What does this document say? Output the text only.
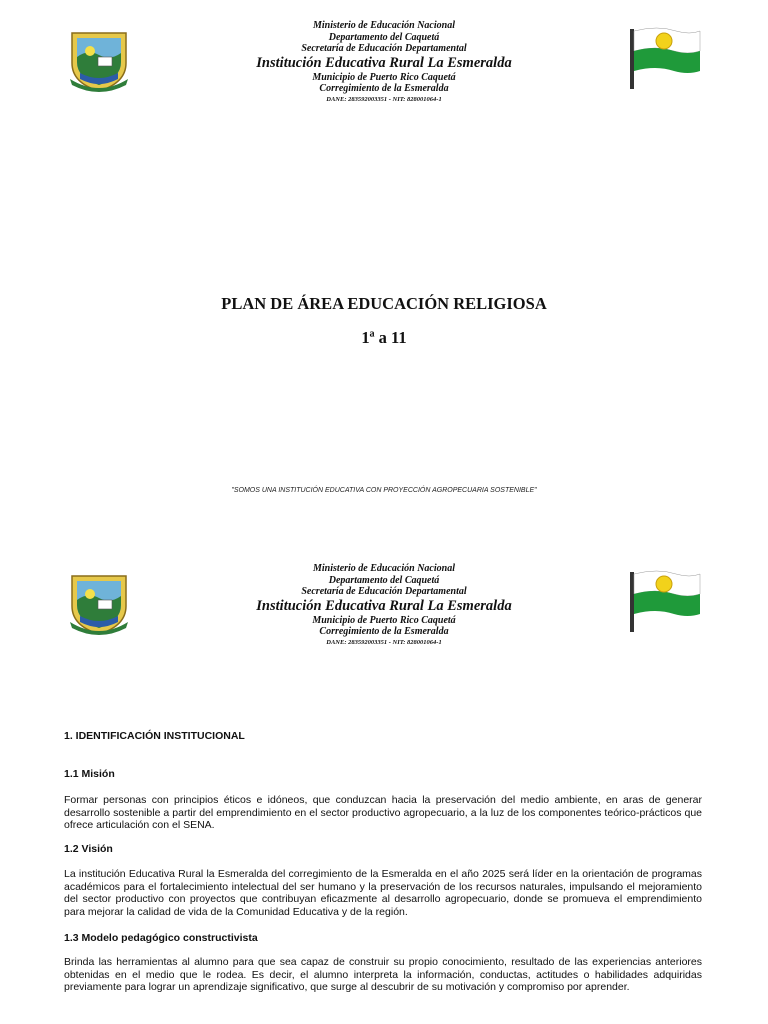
Ministerio de Educación Nacional
Departamento del Caquetá
Secretaría de Educación Departamental
Institución Educativa Rural La Esmeralda
Municipio de Puerto Rico Caquetá
Corregimiento de la Esmeralda
DANE: 283592003351 - NIT: 828001064-1
PLAN DE ÁREA EDUCACIÓN RELIGIOSA
1ª a 11
"SOMOS UNA INSTITUCIÓN EDUCATIVA CON PROYECCIÓN AGROPECUARIA SOSTENIBLE"
Ministerio de Educación Nacional
Departamento del Caquetá
Secretaría de Educación Departamental
Institución Educativa Rural La Esmeralda
Municipio de Puerto Rico Caquetá
Corregimiento de la Esmeralda
DANE: 283592003351 - NIT: 828001064-1
1. IDENTIFICACIÓN INSTITUCIONAL
1.1 Misión
Formar personas con principios éticos e idóneos, que conduzcan hacia la preservación del medio ambiente, en aras de generar desarrollo sostenible a partir del emprendimiento en el sector productivo agropecuario, a la luz de los componentes teórico-prácticos que ofrece articulación con el SENA.
1.2 Visión
La institución Educativa Rural la Esmeralda del corregimiento de la Esmeralda en el año 2025 será líder en la orientación de programas académicos para el fortalecimiento intelectual del ser humano y la preservación de los recursos naturales, impulsando el mejoramiento del sector productivo con proyectos que contribuyan eficazmente al desarrollo agropecuario, donde se promueva el emprendimiento para mejorar la calidad de vida de la Comunidad Educativa y de la región.
1.3 Modelo pedagógico constructivista
Brinda las herramientas al alumno para que sea capaz de construir su propio conocimiento, resultado de las experiencias anteriores obtenidas en el medio que le rodea. Es decir, el alumno interpreta la información, conductas, actitudes o habilidades adquiridas previamente para lograr un aprendizaje significativo, que surge al descubrir de su motivación y compromiso por aprender.
